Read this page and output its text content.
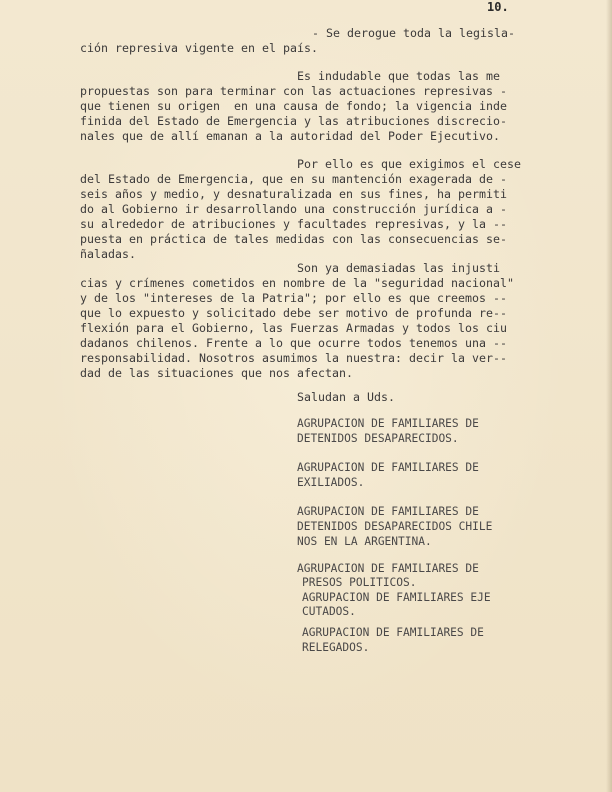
10.
- Se derogue toda la legisla-
ción represiva vigente en el país.
Es indudable que todas las me
propuestas son para terminar con las actuaciones represivas -
que tienen su origen  en una causa de fondo; la vigencia inde
finida del Estado de Emergencia y las atribuciones discrecio-
nales que de allí emanan a la autoridad del Poder Ejecutivo.
Por ello es que exigimos el cese
del Estado de Emergencia, que en su mantención exagerada de -
seis años y medio, y desnaturalizada en sus fines, ha permiti
do al Gobierno ir desarrollando una construcción jurídica a -
su alrededor de atribuciones y facultades represivas, y la --
puesta en práctica de tales medidas con las consecuencias se-
ñaladas.
Son ya demasiadas las injusti
cias y crímenes cometidos en nombre de la "seguridad nacional"
y de los "intereses de la Patria"; por ello es que creemos --
que lo expuesto y solicitado debe ser motivo de profunda re--
flexión para el Gobierno, las Fuerzas Armadas y todos los ciu
dadanos chilenos. Frente a lo que ocurre todos tenemos una --
responsabilidad. Nosotros asumimos la nuestra: decir la ver--
dad de las situaciones que nos afectan.
Saludan a Uds.
AGRUPACION DE FAMILIARES DE
DETENIDOS DESAPARECIDOS.
AGRUPACION DE FAMILIARES DE
EXILIADOS.
AGRUPACION DE FAMILIARES DE
DETENIDOS DESAPARECIDOS CHILE
NOS EN LA ARGENTINA.
AGRUPACION DE FAMILIARES DE
PRESOS POLITICOS.
AGRUPACION DE FAMILIARES EJE
CUTADOS.
AGRUPACION DE FAMILIARES DE
RELEGADOS.
